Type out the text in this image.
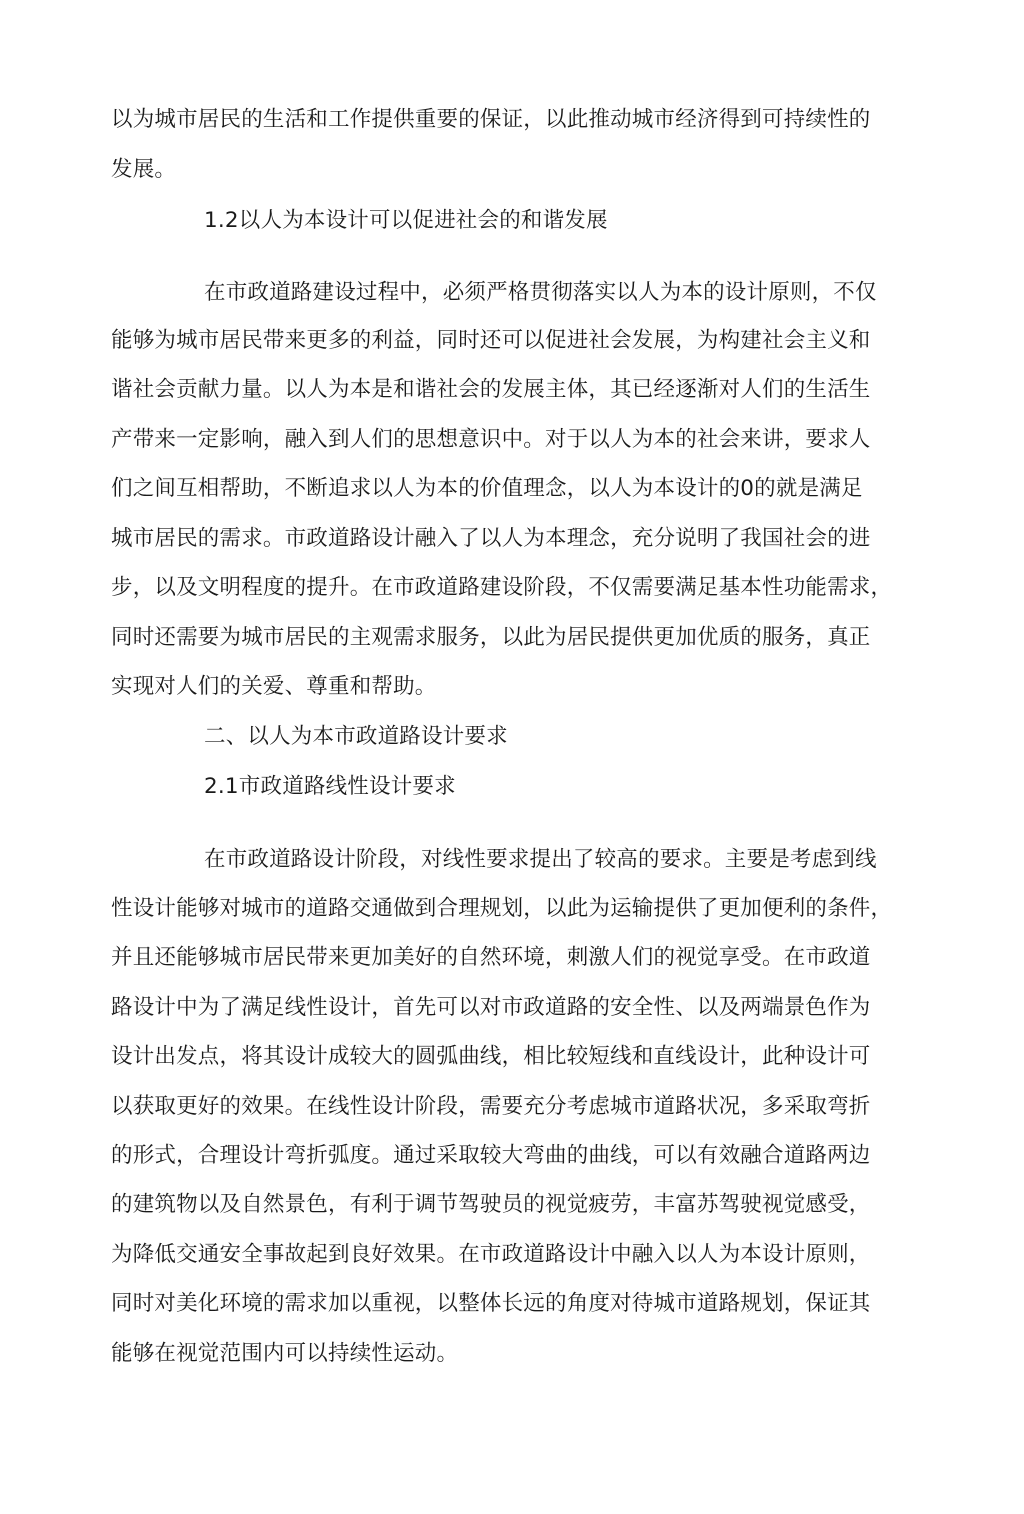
以为城市居民的生活和工作提供重要的保证，以此推动城市经济得到可持续性的
发展。
1.2以人为本设计可以促进社会的和谐发展
在市政道路建设过程中，必须严格贯彻落实以人为本的设计原则，不仅
能够为城市居民带来更多的利益，同时还可以促进社会发展，为构建社会主义和
谐社会贡献力量。以人为本是和谐社会的发展主体，其已经逐渐对人们的生活生
产带来一定影响，融入到人们的思想意识中。对于以人为本的社会来讲，要求人
们之间互相帮助，不断追求以人为本的价值理念，以人为本设计的0的就是满足
城市居民的需求。市政道路设计融入了以人为本理念，充分说明了我国社会的进
步，以及文明程度的提升。在市政道路建设阶段，不仅需要满足基本性功能需求，
同时还需要为城市居民的主观需求服务，以此为居民提供更加优质的服务，真正
实现对人们的关爱、尊重和帮助。
二、以人为本市政道路设计要求
2.1市政道路线性设计要求
在市政道路设计阶段，对线性要求提出了较高的要求。主要是考虑到线
性设计能够对城市的道路交通做到合理规划，以此为运输提供了更加便利的条件，
并且还能够城市居民带来更加美好的自然环境，刺激人们的视觉享受。在市政道
路设计中为了满足线性设计，首先可以对市政道路的安全性、以及两端景色作为
设计出发点，将其设计成较大的圆弧曲线，相比较短线和直线设计，此种设计可
以获取更好的效果。在线性设计阶段，需要充分考虑城市道路状况，多采取弯折
的形式，合理设计弯折弧度。通过采取较大弯曲的曲线，可以有效融合道路两边
的建筑物以及自然景色，有利于调节驾驶员的视觉疲劳，丰富苏驾驶视觉感受，
为降低交通安全事故起到良好效果。在市政道路设计中融入以人为本设计原则，
同时对美化环境的需求加以重视，以整体长远的角度对待城市道路规划，保证其
能够在视觉范围内可以持续性运动。
